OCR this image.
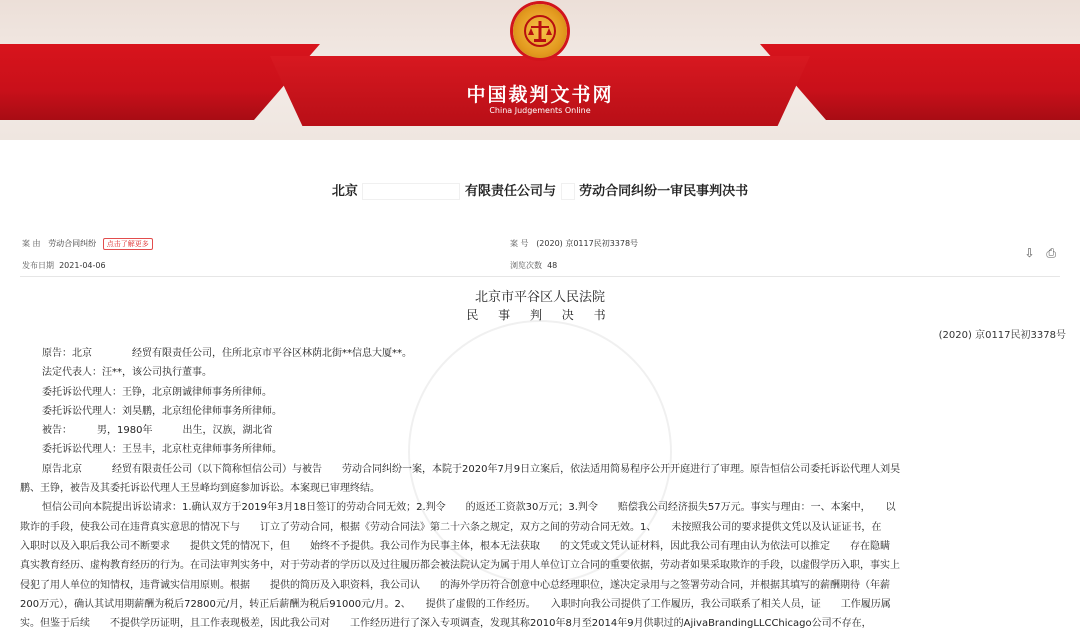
中国裁判文书网
China Judgements Online
北京	有限责任公司与 劳动合同纠纷一审民事判决书
案 由 劳动合同纠纷 点击了解更多	案 号 (2020) 京0117民初3378号
发布日期 2021-04-06	浏览次数 48
⇩ ⎙
北京市平谷区人民法院
民 事 判 决 书
(2020) 京0117民初3378号
原告：北京　　　　经贸有限责任公司，住所北京市平谷区林荫北街**信息大厦**。
法定代表人：汪**，该公司执行董事。
委托诉讼代理人：王铮，北京朗诚律师事务所律师。
委托诉讼代理人：刘昊鹏，北京纽伦律师事务所律师。
被告：　　　男，1980年　　　出生，汉族，湖北省
委托诉讼代理人：王昱丰，北京杜克律师事务所律师。
原告北京　　　经贸有限责任公司（以下简称恒信公司）与被告　　劳动合同纠纷一案，本院于2020年7月9日立案后，依法适用简易程序公开开庭进行了审理。原告恒信公司委托诉讼代理人刘昊
鹏、王铮，被告及其委托诉讼代理人王昱峰均到庭参加诉讼。本案现已审理终结。
恒信公司向本院提出诉讼请求：1.确认双方于2019年3月18日签订的劳动合同无效；2.判令　　的返还工资款30万元；3.判令　　赔偿我公司经济损失57万元。事实与理由：一、本案中，　　以
欺诈的手段，使我公司在违背真实意思的情况下与　　订立了劳动合同，根据《劳动合同法》第二十六条之规定，双方之间的劳动合同无效。1、　　未按照我公司的要求提供文凭以及认证证书，在
入职时以及入职后我公司不断要求　　提供文凭的情况下，但　　始终不予提供。我公司作为民事主体，根本无法获取　　的文凭或文凭认证材料，因此我公司有理由认为依法可以推定　　存在隐瞒
真实教育经历、虚构教育经历的行为。在司法审判实务中，对于劳动者的学历以及过往履历都会被法院认定为属于用人单位订立合同的重要依据，劳动者如果采取欺诈的手段，以虚假学历入职，事实上
侵犯了用人单位的知情权，违背诚实信用原则。根据　　提供的简历及入职资料，我公司认　　的海外学历符合创意中心总经理职位，遂决定录用与之签署劳动合同，并根据其填写的薪酬期待（年薪
200万元），确认其试用期薪酬为税后72800元/月，转正后薪酬为税后91000元/月。2、　　提供了虚假的工作经历。　　入职时向我公司提供了工作履历，我公司联系了相关人员，证　　工作履历属
实。但鉴于后续　　不提供学历证明，且工作表现极差，因此我公司对　　工作经历进行了深入专项调查，发现其称2010年8月至2014年9月供职过的AjivaBrandingLLCChicago公司不存在，
